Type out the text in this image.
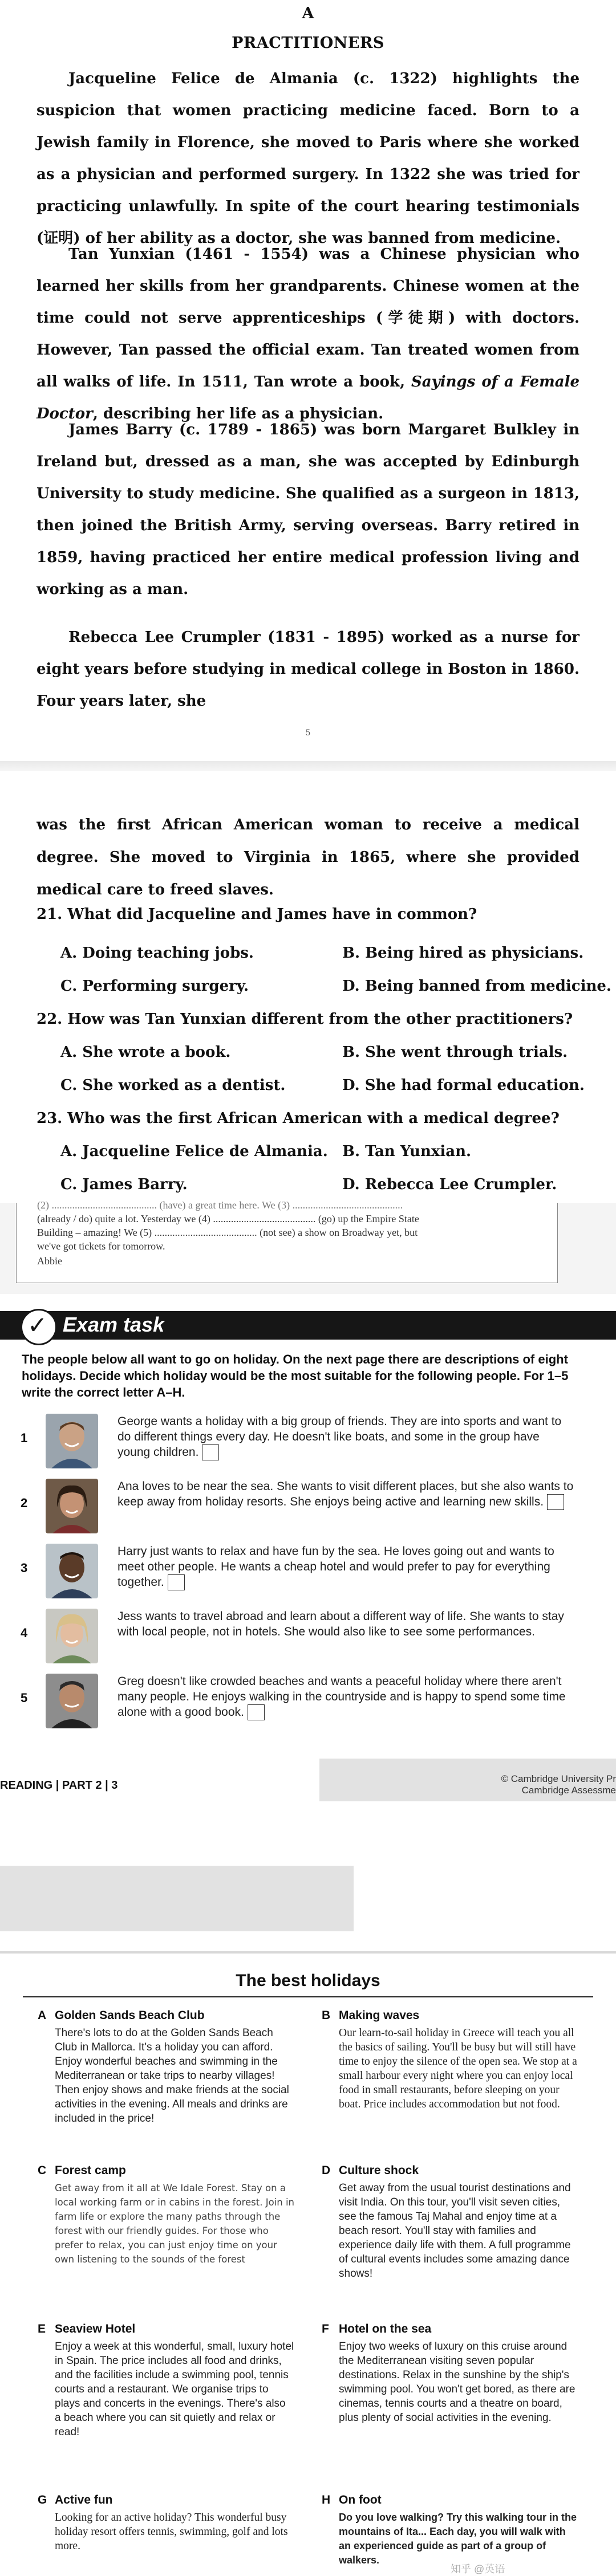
A
PRACTITIONERS
Jacqueline Felice de Almania (c. 1322) highlights the suspicion that women practicing medicine faced. Born to a Jewish family in Florence, she moved to Paris where she worked as a physician and performed surgery. In 1322 she was tried for practicing unlawfully. In spite of the court hearing testimonials (证明) of her ability as a doctor, she was banned from medicine.
Tan Yunxian (1461 - 1554) was a Chinese physician who learned her skills from her grandparents. Chinese women at the time could not serve apprenticeships (学徒期) with doctors. However, Tan passed the official exam. Tan treated women from all walks of life. In 1511, Tan wrote a book, Sayings of a Female Doctor, describing her life as a physician.
James Barry (c. 1789 - 1865) was born Margaret Bulkley in Ireland but, dressed as a man, she was accepted by Edinburgh University to study medicine. She qualified as a surgeon in 1813, then joined the British Army, serving overseas. Barry retired in 1859, having practiced her entire medical profession living and working as a man.
Rebecca Lee Crumpler (1831 - 1895) worked as a nurse for eight years before studying in medical college in Boston in 1860. Four years later, she
5
was the first African American woman to receive a medical degree. She moved to Virginia in 1865, where she provided medical care to freed slaves.
21. What did Jacqueline and James have in common?
A. Doing teaching jobs.	B. Being hired as physicians.
C. Performing surgery.	D. Being banned from medicine.
22. How was Tan Yunxian different from the other practitioners?
A. She wrote a book.	B. She went through trials.
C. She worked as a dentist.	D. She had formal education.
23. Who was the first African American with a medical degree?
A. Jacqueline Felice de Almania. B. Tan Yunxian.
C. James Barry.	D. Rebecca Lee Crumpler.
(2) ......................................... (have) a great time here. We (3) ...........................................
(already / do) quite a lot. Yesterday we (4) ........................................ (go) up the Empire State
Building – amazing! We (5) ........................................ (not see) a show on Broadway yet, but
we've got tickets for tomorrow.
Abbie
✓ Exam task
The people below all want to go on holiday. On the next page there are descriptions of eight holidays. Decide which holiday would be the most suitable for the following people. For 1–5 write the correct letter A–H.
1
George wants a holiday with a big group of friends. They are into sports and want to do different things every day. He doesn't like boats, and some in the group have young children.
2
Ana loves to be near the sea. She wants to visit different places, but she also wants to keep away from holiday resorts. She enjoys being active and learning new skills.
3
Harry just wants to relax and have fun by the sea. He loves going out and wants to meet other people. He wants a cheap hotel and would prefer to pay for everything together.
4
Jess wants to travel abroad and learn about a different way of life. She wants to stay with local people, not in hotels. She would also like to see some performances.
5
Greg doesn't like crowded beaches and wants a peaceful holiday where there aren't many people. He enjoys walking in the countryside and is happy to spend some time alone with a good book.
READING | PART 2 | 3
© Cambridge University Pr
Cambridge Assessme
The best holidays
A Golden Sands Beach Club
There's lots to do at the Golden Sands Beach Club in Mallorca. It's a holiday you can afford. Enjoy wonderful beaches and swimming in the Mediterranean or take trips to nearby villages! Then enjoy shows and make friends at the social activities in the evening. All meals and drinks are included in the price!
B Making waves
Our learn-to-sail holiday in Greece will teach you all the basics of sailing. You'll be busy but will still have time to enjoy the silence of the open sea. We stop at a small harbour every night where you can enjoy local food in small restaurants, before sleeping on your boat. Price includes accommodation but not food.
C Forest camp
Get away from it all at We Idale Forest. Stay on a local working farm or in cabins in the forest. Join in farm life or explore the many paths through the forest with our friendly guides. For those who prefer to relax, you can just enjoy time on your own listening to the sounds of the forest
D Culture shock
Get away from the usual tourist destinations and visit India. On this tour, you'll visit seven cities, see the famous Taj Mahal and enjoy time at a beach resort. You'll stay with families and experience daily life with them. A full programme of cultural events includes some amazing dance shows!
E Seaview Hotel
Enjoy a week at this wonderful, small, luxury hotel in Spain. The price includes all food and drinks, and the facilities include a swimming pool, tennis courts and a restaurant. We organise trips to plays and concerts in the evenings. There's also a beach where you can sit quietly and relax or read!
F Hotel on the sea
Enjoy two weeks of luxury on this cruise around the Mediterranean visiting seven popular destinations. Relax in the sunshine by the ship's swimming pool. You won't get bored, as there are cinemas, tennis courts and a theatre on board, plus plenty of social activities in the evening.
G Active fun
Looking for an active holiday? This wonderful busy holiday resort offers tennis, swimming, golf and lots more.
H On foot
Do you love walking? Try this walking tour in the mountains of Ita... Each day, you will walk with an experienced guide as part of a group of walkers.
知乎 @英语
